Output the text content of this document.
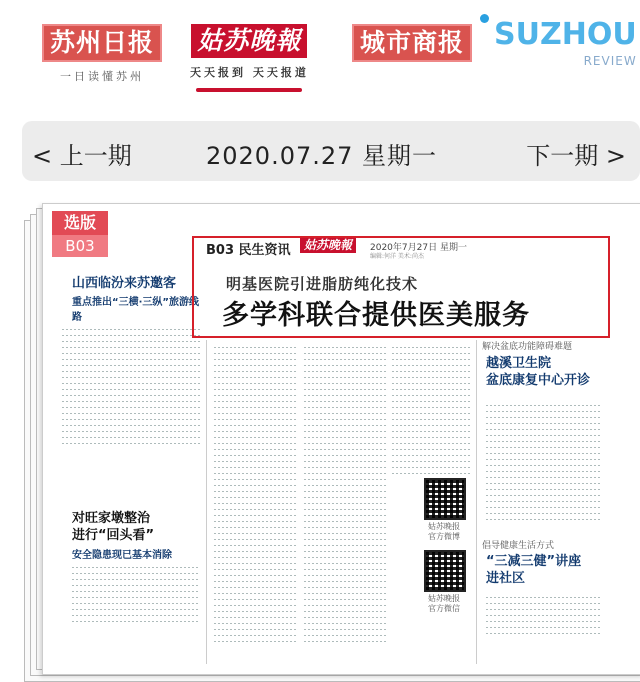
苏州日报
一日读懂苏州
姑苏晚報
天天报到 天天报道
城市商报 SUZHOU
REVIEW
< 上一期	2020.07.27 星期一	下一期 >
选版
B03	B03 民生资讯	姑苏晚報	2020年7月27日 星期一
编辑:何洋 美术:尚杰
明基医院引进脂肪纯化技术
多学科联合提供医美服务
山西临汾来苏邀客
重点推出“三横·三纵”旅游线路
对旺家墩整治
进行“回头看”
安全隐患现已基本消除
姑苏晚报
官方微博
姑苏晚报
官方微信
解决盆底功能障碍难题
越溪卫生院
盆底康复中心开诊
倡导健康生活方式
“三减三健”讲座
进社区
